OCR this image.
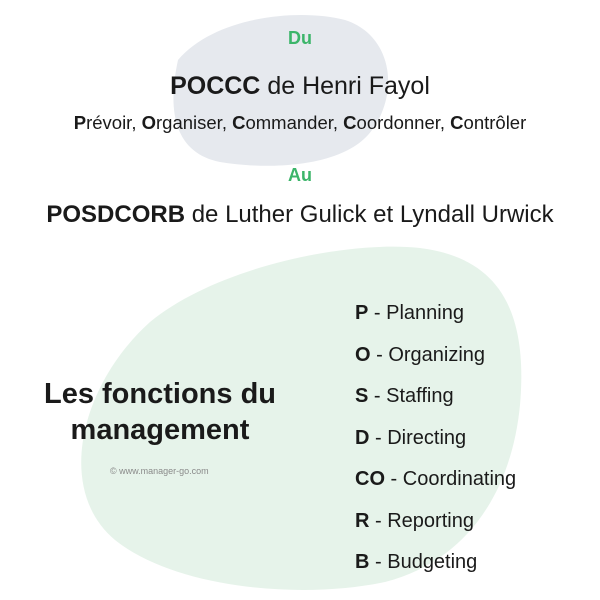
Du
POCCC de Henri Fayol
Prévoir, Organiser, Commander, Coordonner, Contrôler
Au
POSDCORB de Luther Gulick et Lyndall Urwick
Les fonctions du
management
© www.manager-go.com
P - Planning
O - Organizing
S - Staffing
D - Directing
CO - Coordinating
R - Reporting
B - Budgeting
